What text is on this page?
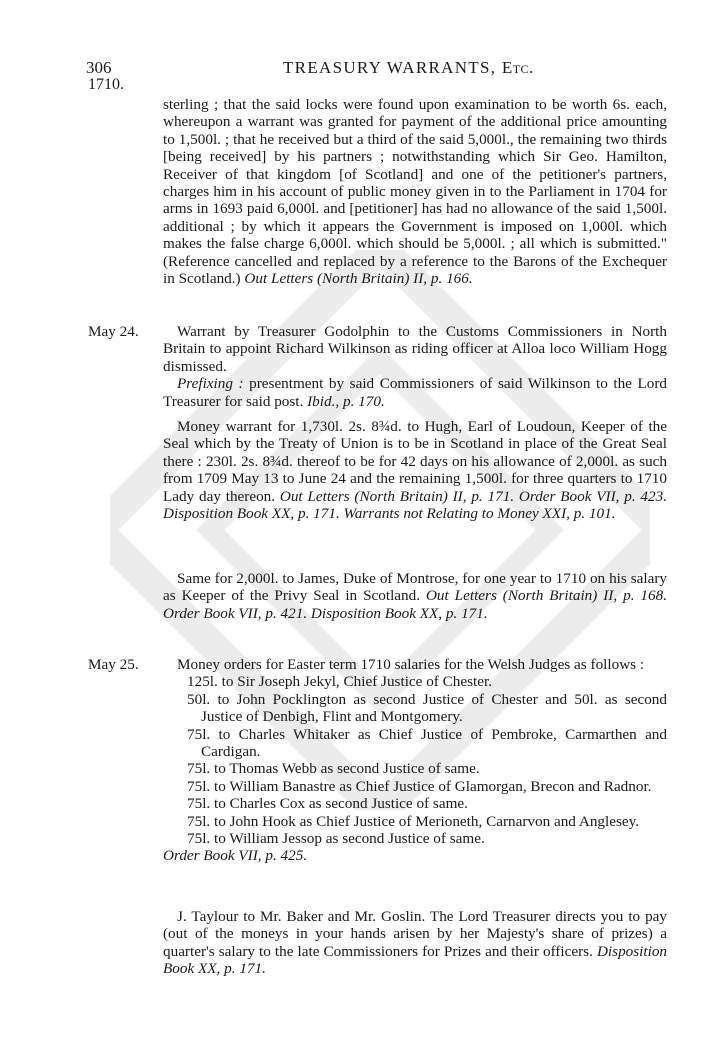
306
1710.
TREASURY WARRANTS, Etc.

sterling ; that the said locks were found upon examination to be worth 6s. each, whereupon a warrant was granted for payment of the additional price amounting to 1,500l. ; that he received but a third of the said 5,000l., the remaining two thirds [being received] by his partners ; notwithstanding which Sir Geo. Hamilton, Receiver of that kingdom [of Scotland] and one of the petitioner's partners, charges him in his account of public money given in to the Parliament in 1704 for arms in 1693 paid 6,000l. and [petitioner] has had no allowance of the said 1,500l. additional ; by which it appears the Government is imposed on 1,000l. which makes the false charge 6,000l. which should be 5,000l. ; all which is submitted." (Reference cancelled and replaced by a reference to the Barons of the Exchequer in Scotland.) Out Letters (North Britain) II, p. 166.

May 24.	Warrant by Treasurer Godolphin to the Customs Commissioners in North Britain to appoint Richard Wilkinson as riding officer at Alloa loco William Hogg dismissed.

Prefixing : presentment by said Commissioners of said Wilkinson to the Lord Treasurer for said post. Ibid., p. 170.

Money warrant for 1,730l. 2s. 8¾d. to Hugh, Earl of Loudoun, Keeper of the Seal which by the Treaty of Union is to be in Scotland in place of the Great Seal there : 230l. 2s. 8¾d. thereof to be for 42 days on his allowance of 2,000l. as such from 1709 May 13 to June 24 and the remaining 1,500l. for three quarters to 1710 Lady day thereon. Out Letters (North Britain) II, p. 171. Order Book VII, p. 423. Disposition Book XX, p. 171. Warrants not Relating to Money XXI, p. 101.

Same for 2,000l. to James, Duke of Montrose, for one year to 1710 on his salary as Keeper of the Privy Seal in Scotland. Out Letters (North Britain) II, p. 168. Order Book VII, p. 421. Disposition Book XX, p. 171.

May 25.	Money orders for Easter term 1710 salaries for the Welsh Judges as follows :

125l. to Sir Joseph Jekyl, Chief Justice of Chester.

50l. to John Pocklington as second Justice of Chester and 50l. as second Justice of Denbigh, Flint and Montgomery.

75l. to Charles Whitaker as Chief Justice of Pembroke, Carmarthen and Cardigan.

75l. to Thomas Webb as second Justice of same.

75l. to William Banastre as Chief Justice of Glamorgan, Brecon and Radnor.

75l. to Charles Cox as second Justice of same.

75l. to John Hook as Chief Justice of Merioneth, Carnarvon and Anglesey.

75l. to William Jessop as second Justice of same.

Order Book VII, p. 425.

J. Taylour to Mr. Baker and Mr. Goslin. The Lord Treasurer directs you to pay (out of the moneys in your hands arisen by her Majesty's share of prizes) a quarter's salary to the late Commissioners for Prizes and their officers. Disposition Book XX, p. 171.
